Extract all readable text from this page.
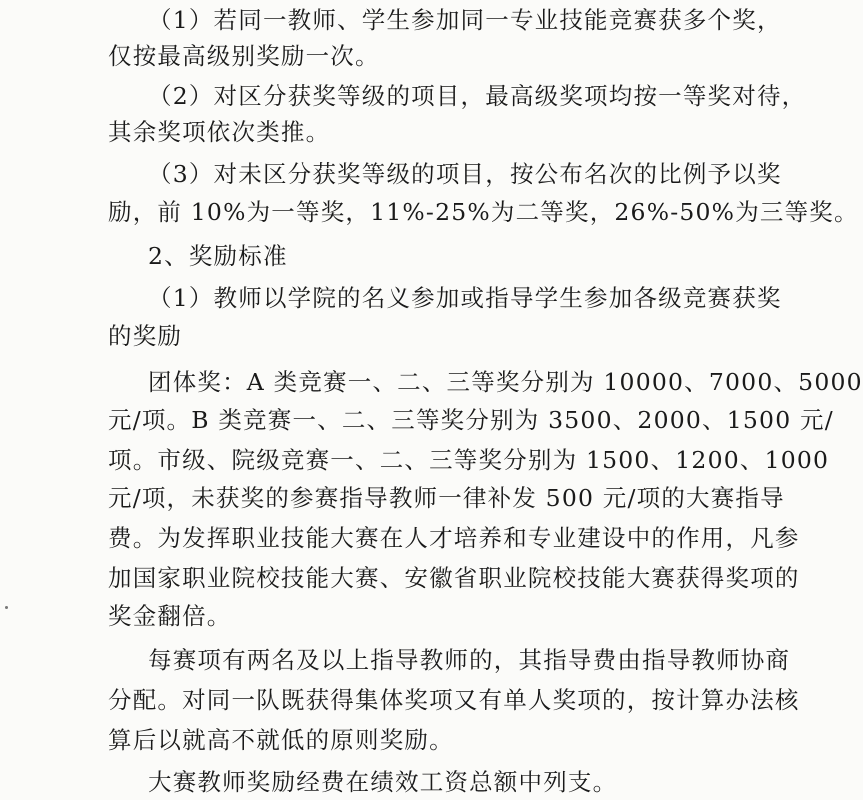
（1）若同一教师、学生参加同一专业技能竞赛获多个奖，
仅按最高级别奖励一次。
（2）对区分获奖等级的项目，最高级奖项均按一等奖对待，
其余奖项依次类推。
（3）对未区分获奖等级的项目，按公布名次的比例予以奖
励，前 10%为一等奖，11%-25%为二等奖，26%-50%为三等奖。
2、奖励标准
（1）教师以学院的名义参加或指导学生参加各级竞赛获奖
的奖励
团体奖：A 类竞赛一、二、三等奖分别为 10000、7000、5000
元/项。B 类竞赛一、二、三等奖分别为 3500、2000、1500 元/
项。市级、院级竞赛一、二、三等奖分别为 1500、1200、1000
元/项，未获奖的参赛指导教师一律补发 500 元/项的大赛指导
费。为发挥职业技能大赛在人才培养和专业建设中的作用，凡参
加国家职业院校技能大赛、安徽省职业院校技能大赛获得奖项的
奖金翻倍。
每赛项有两名及以上指导教师的，其指导费由指导教师协商
分配。对同一队既获得集体奖项又有单人奖项的，按计算办法核
算后以就高不就低的原则奖励。
大赛教师奖励经费在绩效工资总额中列支。
